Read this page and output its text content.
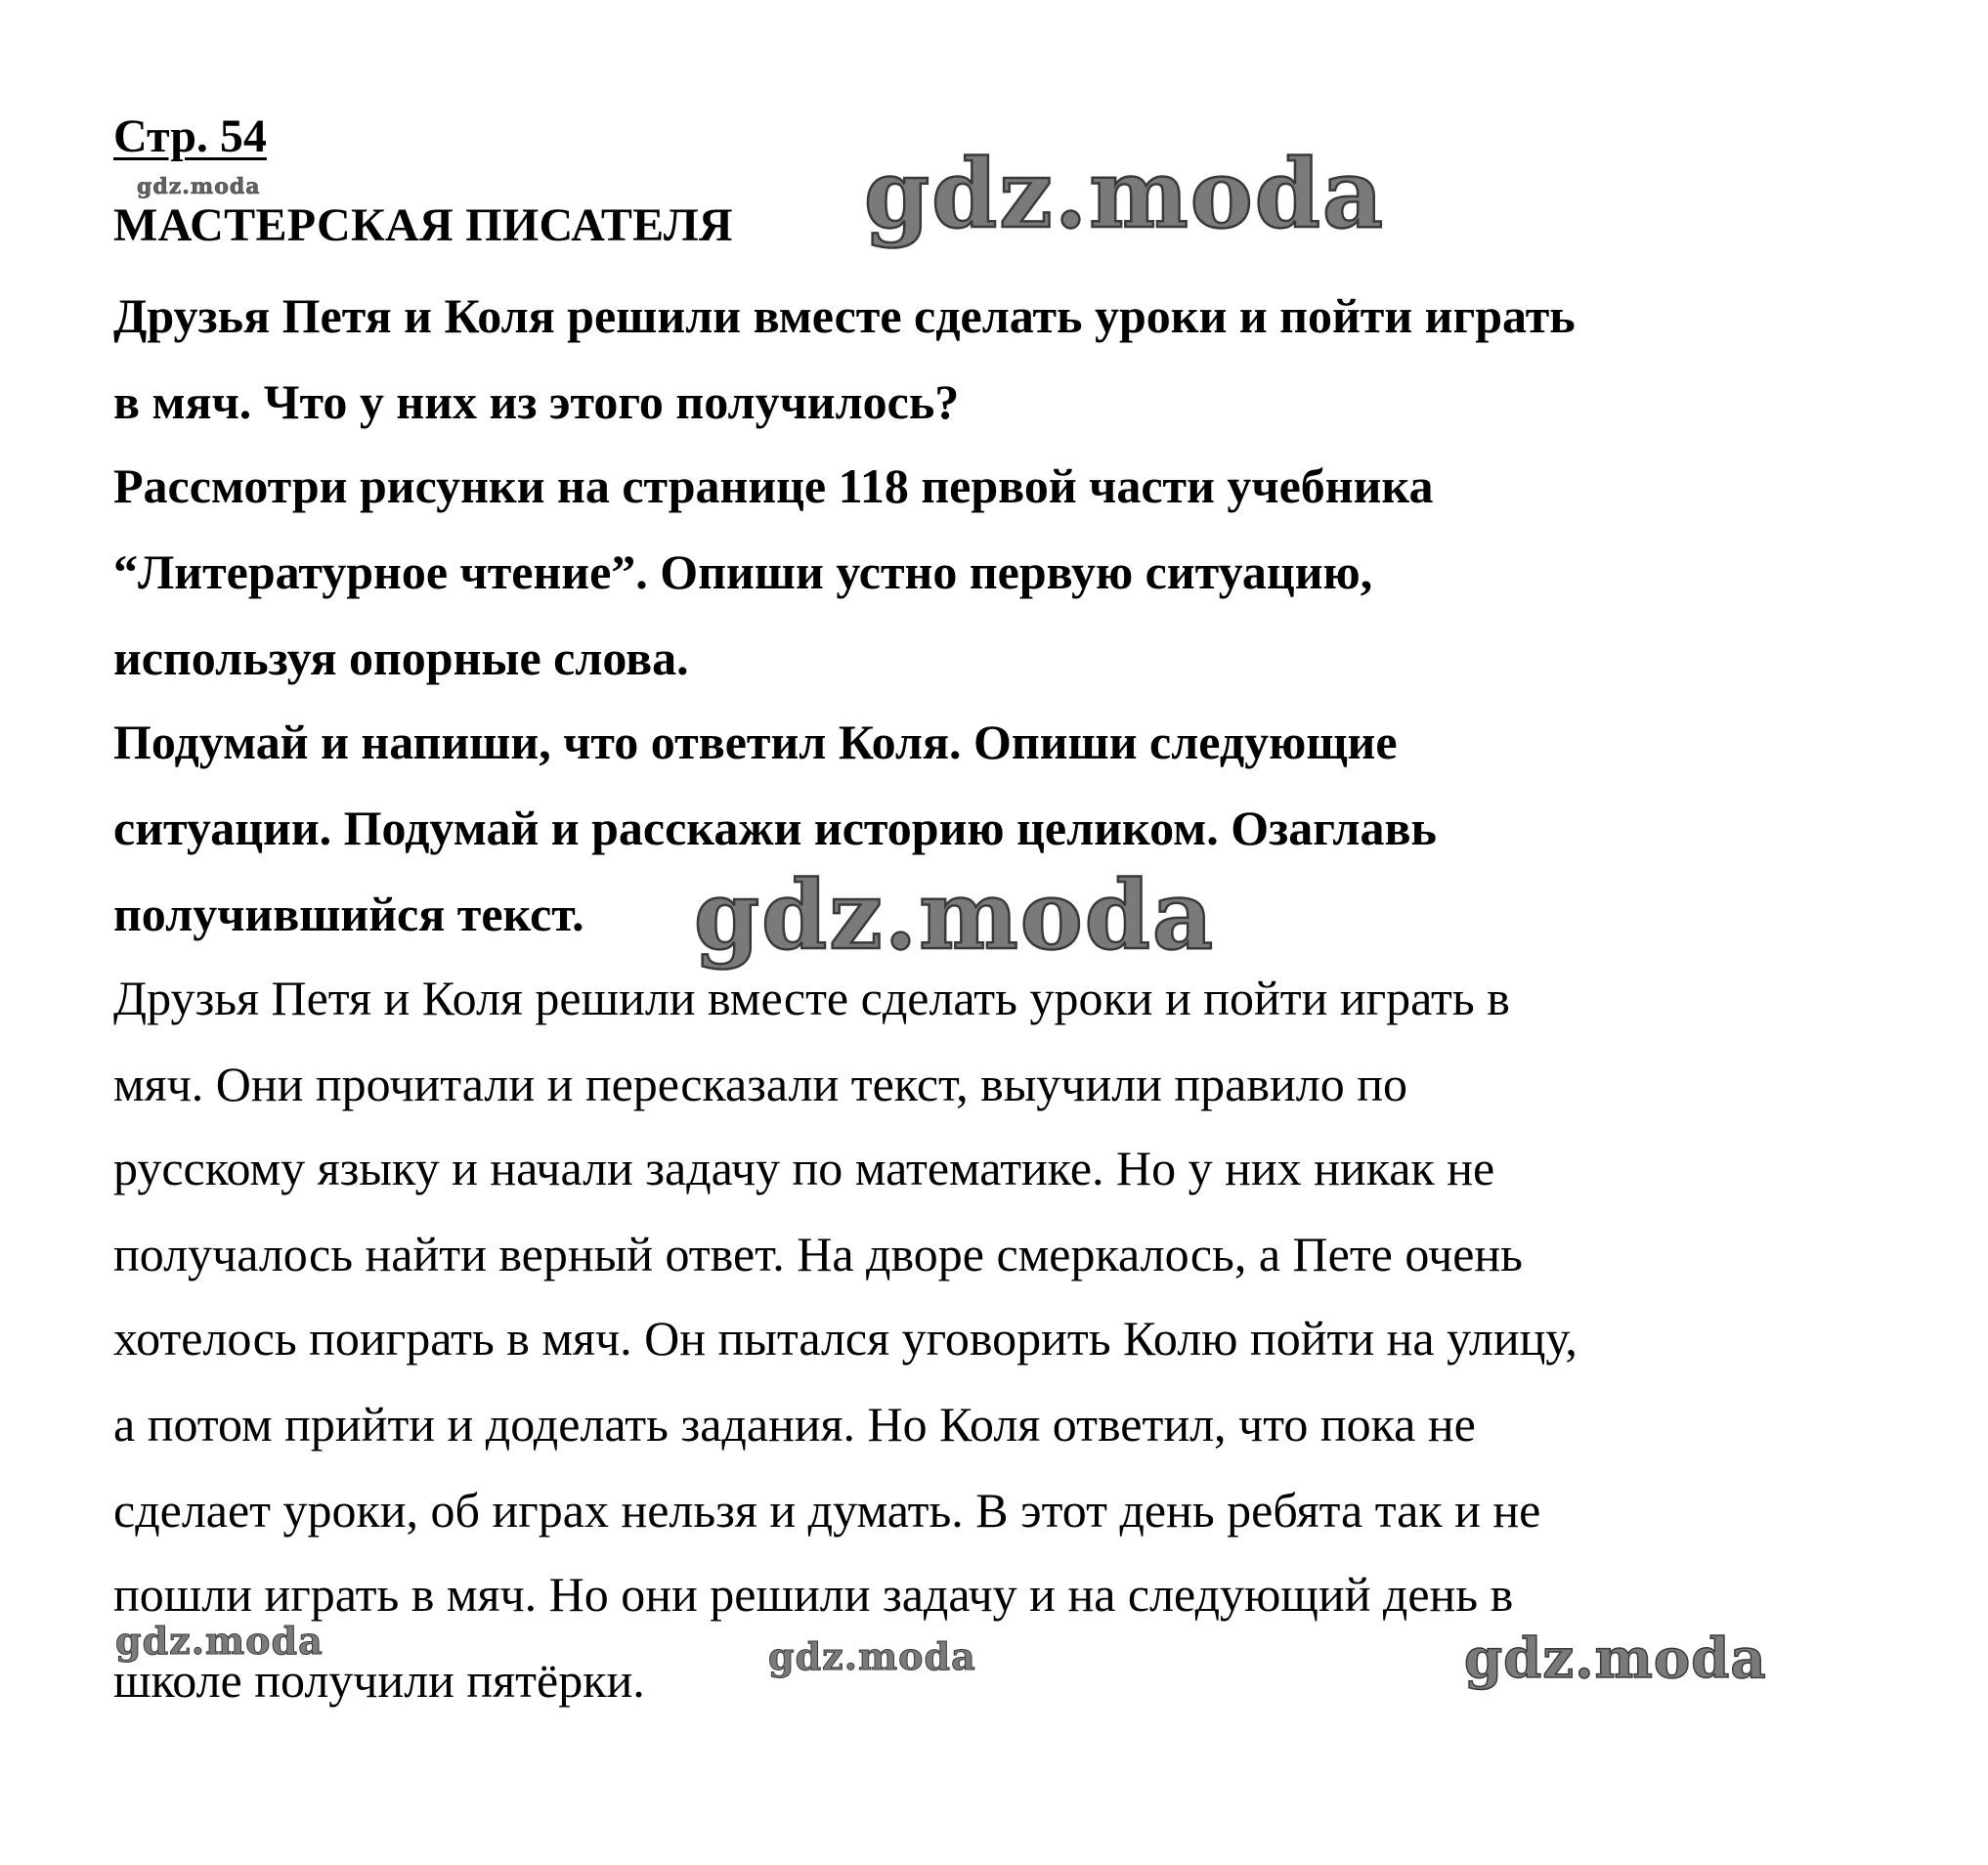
Стр. 54
МАСТЕРСКАЯ ПИСАТЕЛЯ
Друзья Петя и Коля решили вместе сделать уроки и пойти играть
в мяч. Что у них из этого получилось?
Рассмотри рисунки на странице 118 первой части учебника
“Литературное чтение”. Опиши устно первую ситуацию,
используя опорные слова.
Подумай и напиши, что ответил Коля. Опиши следующие
ситуации. Подумай и расскажи историю целиком. Озаглавь
получившийся текст.
Друзья Петя и Коля решили вместе сделать уроки и пойти играть в
мяч. Они прочитали и пересказали текст, выучили правило по
русскому языку и начали задачу по математике. Но у них никак не
получалось найти верный ответ. На дворе смеркалось, а Пете очень
хотелось поиграть в мяч. Он пытался уговорить Колю пойти на улицу,
а потом прийти и доделать задания. Но Коля ответил, что пока не
сделает уроки, об играх нельзя и думать. В этот день ребята так и не
пошли играть в мяч. Но они решили задачу и на следующий день в
школе получили пятёрки.
gdz.moda	gdz.moda
gdz.moda
gdz.moda	gdz.moda	gdz.moda
